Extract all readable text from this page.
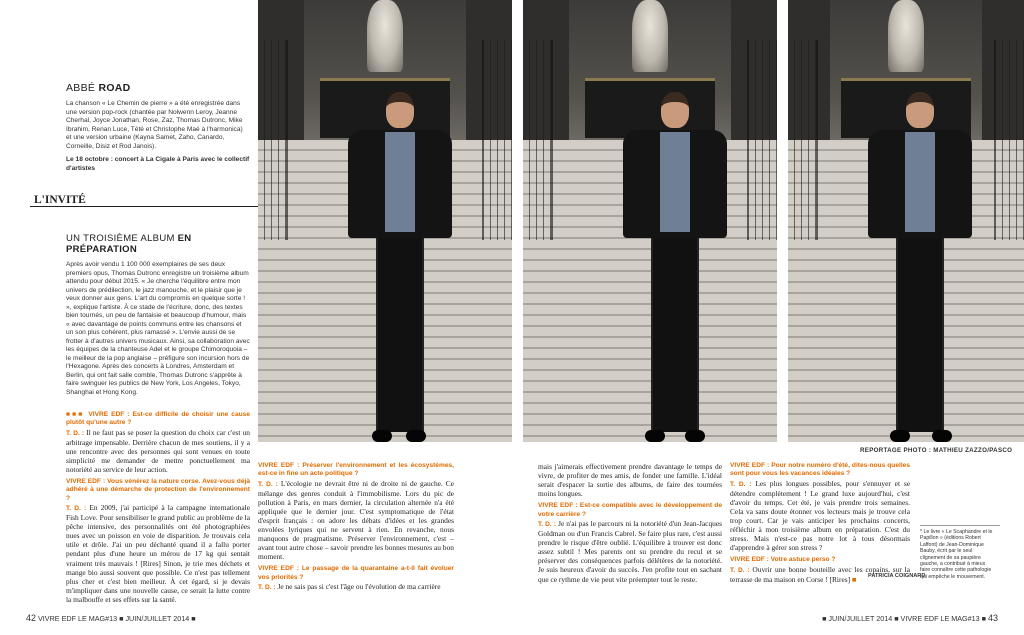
ABBÉ ROAD
La chanson « Le Chemin de pierre » a été enregistrée dans une version pop-rock (chantée par Nolwenn Leroy, Jeanne Cherhal, Joyce Jonathan, Rose, Zaz, Thomas Dutronc, Mike Ibrahim, Renan Luce, Tété et Christophe Maé à l'harmonica) et une version urbaine (Kayna Samet, Zaho, Canardo, Corneille, Disiz et Rod Janois).
Le 18 octobre : concert à La Cigale à Paris avec le collectif d'artistes
L'INVITÉ
UN TROISIÈME ALBUM EN PRÉPARATION
Après avoir vendu 1 100 000 exemplaires de ses deux premiers opus, Thomas Dutronc enregistre un troisième album attendu pour début 2015. « Je cherche l'équilibre entre mon univers de prédilection, le jazz manouche, et le plaisir que je veux donner aux gens. L'art du compromis en quelque sorte ! », explique l'artiste. À ce stade de l'écriture, donc, des textes bien tournés, un peu de fantaisie et beaucoup d'humour, mais « avec davantage de points communs entre les chansons et un son plus cohérent, plus ramassé ». L'envie aussi de se frotter à d'autres univers musicaux. Ainsi, sa collaboration avec les équipes de la chanteuse Adel et le groupe Chimoroquoia – le meilleur de la pop anglaise – préfigure son incursion hors de l'Hexagone. Après des concerts à Londres, Amsterdam et Berlin, qui ont fait salle comble, Thomas Dutronc s'apprête à faire swinguer les publics de New York, Los Angeles, Tokyo, Shanghai et Hong Kong.

■■■ VIVRE EDF : Est-ce difficile de choisir une cause plutôt qu'une autre ?
T. D. : Il ne faut pas se poser la question du choix car c'est un arbitrage impensable. Derrière chacun de mes soutiens, il y a une rencontre avec des personnes qui sont venues en toute simplicité me demander de mettre ponctuellement ma notoriété au service de leur action.

VIVRE EDF : Vous vénérez la nature corse. Avez-vous déjà adhéré à une démarche de protection de l'environnement ?
T. D. : En 2009, j'ai participé à la campagne internationale Fish Love. Pour sensibiliser le grand public au problème de la pêche intensive, des personnalités ont été photographiées nues avec un poisson en voie de disparition. Je trouvais cela utile et drôle. J'ai un peu déchanté quand il a fallu porter pendant plus d'une heure un mérou de 17 kg qui sentait vraiment très mauvais ! [Rires] Sinon, je trie mes déchets et mange bio aussi souvent que possible. Ce n'est pas tellement plus cher et c'est bien meilleur. À cet égard, si je devais m'impliquer dans une nouvelle cause, ce serait la lutte contre la malbouffe et ses effets sur la santé.

VIVRE EDF : Préserver l'environnement et les écosystèmes, est-ce in fine un acte politique ?
T. D. : L'écologie ne devrait être ni de droite ni de gauche. Ce mélange des genres conduit à l'immobilisme. Lors du pic de pollution à Paris, en mars dernier, la circulation alternée n'a été appliquée que le dernier jour. C'est symptomatique de l'état d'esprit français : on adore les débats d'idées et les grandes envolées lyriques qui ne servent à rien. En revanche, nous manquons de pragmatisme. Préserver l'environnement, c'est – avant tout autre chose – savoir prendre les bonnes mesures au bon moment.

VIVRE EDF : Le passage de la quarantaine a-t-il fait évoluer vos priorités ?
T. D. : Je ne sais pas si c'est l'âge ou l'évolution de ma carrière

mais j'aimerais effectivement prendre davantage le temps de vivre, de profiter de mes amis, de fonder une famille. L'idéal serait d'espacer la sortie des albums, de faire des tournées moins longues.

VIVRE EDF : Est-ce compatible avec le développement de votre carrière ?
T. D. : Je n'ai pas le parcours ni la notoriété d'un Jean-Jacques Goldman ou d'un Francis Cabrel. Se faire plus rare, c'est aussi prendre le risque d'être oublié. L'équilibre à trouver est donc assez subtil ! Mes parents ont su prendre du recul et se préserver des conséquences parfois délétères de la notoriété. Je suis heureux d'avoir du succès. J'en profite tout en sachant que ce rythme de vie peut vite préempter tout le reste.

VIVRE EDF : Pour notre numéro d'été, dites-nous quelles sont pour vous les vacances idéales ?
T. D. : Les plus longues possibles, pour s'ennuyer et se détendre complètement ! Le grand luxe aujourd'hui, c'est d'avoir du temps. Cet été, je vais prendre trois semaines. Cela va sans doute étonner vos lecteurs mais je trouve cela trop court. Car je vais anticiper les prochains concerts, réfléchir à mon troisième album en préparation. C'est du stress. Mais n'est-ce pas notre lot à tous désormais d'apprendre à gérer son stress ?

VIVRE EDF : Votre astuce perso ?
T. D. : Ouvrir une bonne bouteille avec les copains, sur la terrasse de ma maison en Corse ! [Rires] ■

REPORTAGE PHOTO : MATHIEU ZAZZO/PASCO
PATRICIA COIGNARD
* Le livre « Le Scaphandre et le Papillon » (éditions Robert Laffont) de Jean-Dominique Bauby, écrit par le seul clignement de sa paupière gauche, a contribué à mieux faire connaître cette pathologie qui empêche le mouvement.
42 VIVRE EDF LE MAG#13 ■ JUIN/JUILLET 2014 ■	■ JUIN/JUILLET 2014 ■ VIVRE EDF LE MAG#13 ■ 43
